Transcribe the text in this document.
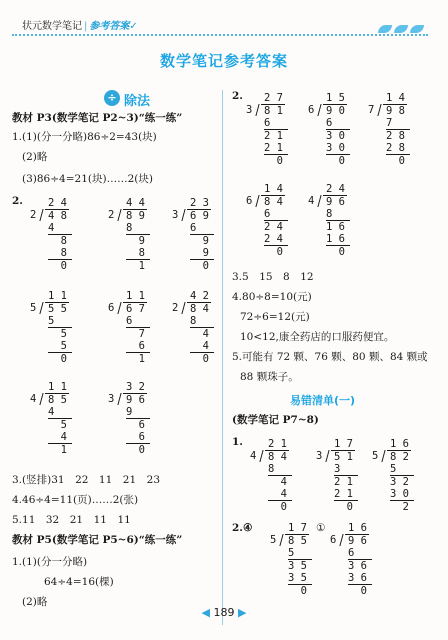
状元数学笔记 | 参考答案✓
数学笔记参考答案
÷ 除法
教材 P3(数学笔记 P2~3)“练一练”
1.(1)(分一分略)86÷2=43(块)
(2)略
(3)86÷4=21(块)……2(块)
2. 2 4
2 4 8
4
8
8
0
4 4
2 8 9
8
9
8
1
2 3
3 6 9
6
9
9
0
1 1
5 5 5
5
5
5
0
1 1
6 6 7
6
7
6
1
4 2
2 8 4
8
4
4
0
1 1
4 8 5
4
5
4
1
3 2
3 9 6
9
6
6
0
3.(竖排)31　22　11　21　23
4.46÷4=11(页)……2(张)
5.11　32　21　11　11
教材 P5(数学笔记 P5~6)“练一练”
1.(1)(分一分略)
64÷4=16(棵)
(2)略
2. 2 7
3 8 1
6
2 1
2 1
0
1 5
6 9 0
6
3 0
3 0
0
1 4
7 9 8
7
2 8
2 8
0
1 4
6 8 4
6
2 4
2 4
0
2 4
4 9 6
8
1 6
1 6
0
3.5　15　8　12
4.80÷8=10(元)
72÷6=12(元)
10<12,康全药店的口服药便宜。
5.可能有 72 颗、76 颗、80 颗、84 颗或
88 颗珠子。
易错清单(一)
(数学笔记 P7~8)
1. 2 1
4 8 4
8
4
4
0
1 7
3 5 1
3
2 1
2 1
0
1 6
5 8 2
5
3 2
3 0
2
2.④	1 7
5 8 5
5
3 5
3 5
0
① 1 6
6 9 6
6
3 6
3 6
0
◀ 189 ▶
